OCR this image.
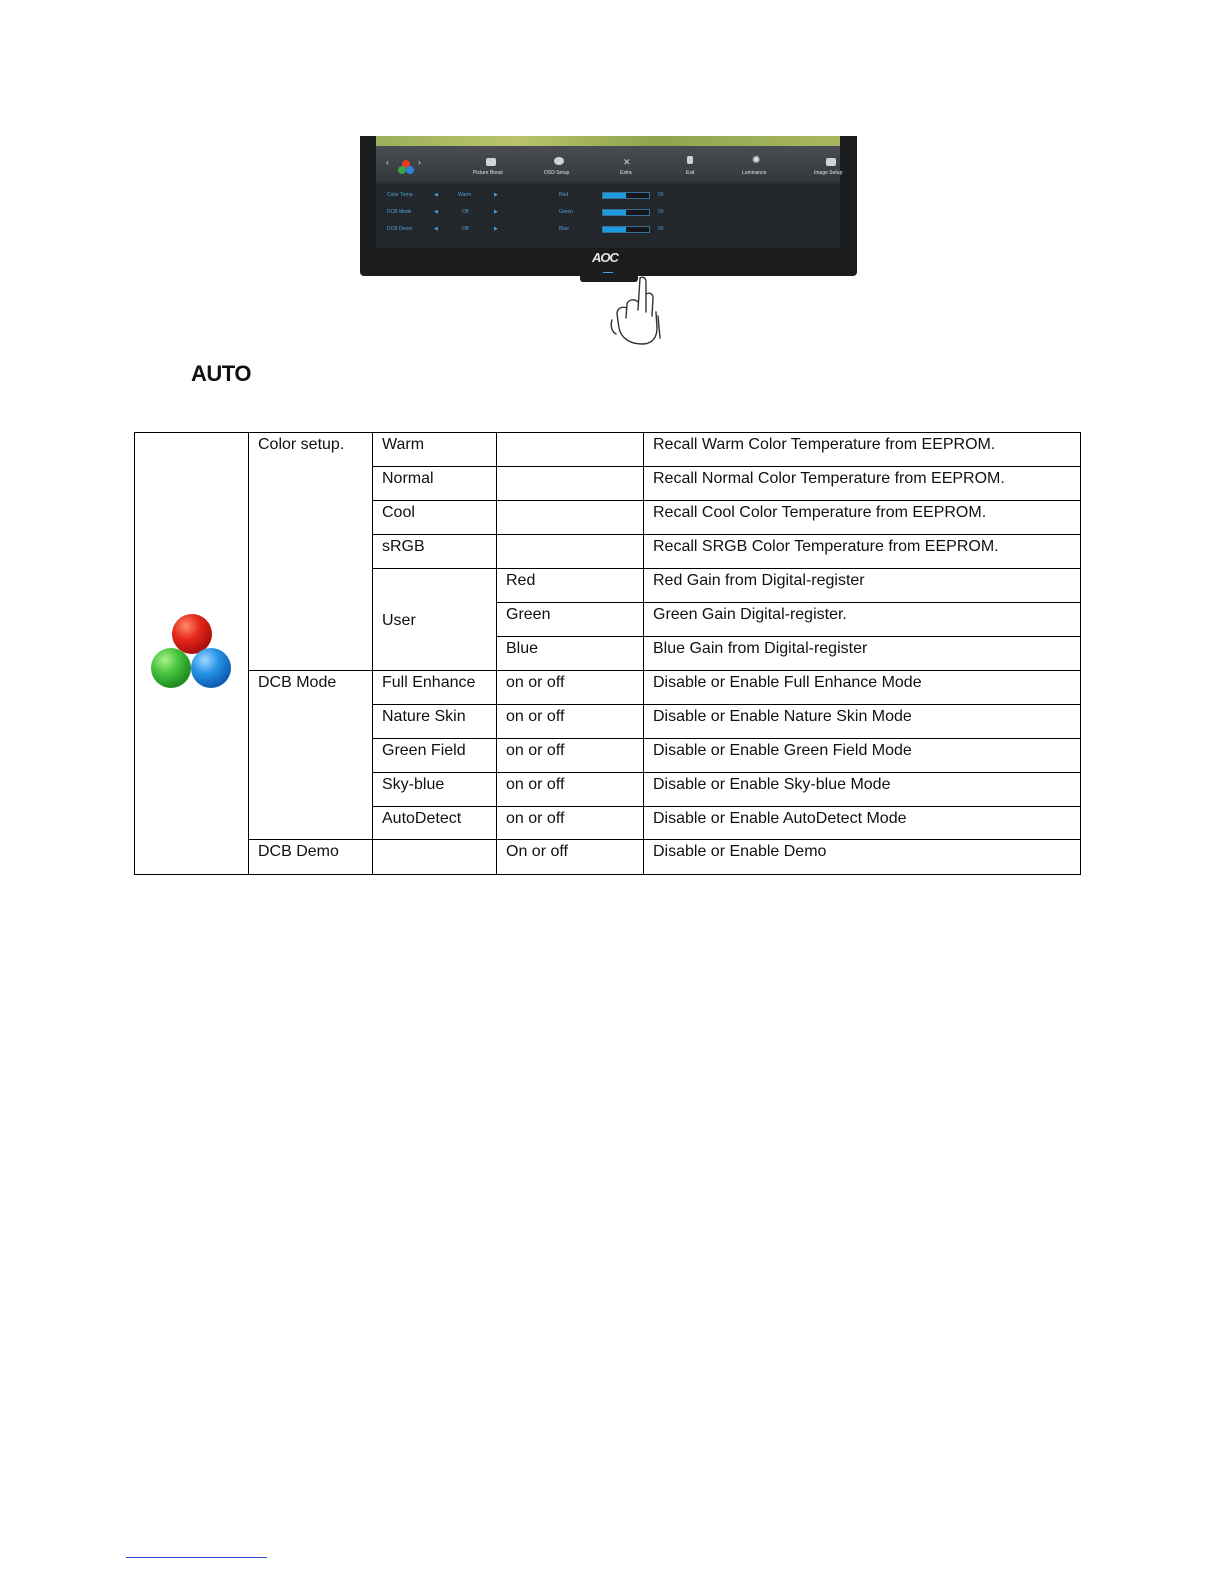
‹	›
Picture Boost	OSD Setup
✕
Extra	Exit
✺
Luminance	Image Setup
Color Temp.	◀	Warm	▶
DCB Mode	◀	Off	▶
DCB Demo	◀	Off	▶
Red	50
Green	50
Blue	50
AOC
AUTO
	Color setup.	Warm		Recall Warm Color Temperature from EEPROM.
		Normal		Recall Normal Color Temperature from EEPROM.
		Cool		Recall Cool Color Temperature from EEPROM.
		sRGB		Recall SRGB Color Temperature from EEPROM.
		User	Red	Red Gain from Digital-register
			Green	Green Gain Digital-register.
			Blue	Blue Gain from Digital-register
	DCB Mode	Full Enhance	on or off	Disable or Enable Full Enhance Mode
		Nature Skin	on or off	Disable or Enable Nature Skin Mode
		Green Field	on or off	Disable or Enable Green Field Mode
		Sky-blue	on or off	Disable or Enable Sky-blue Mode
		AutoDetect	on or off	Disable or Enable AutoDetect Mode
	DCB Demo		On or off	Disable or Enable Demo
